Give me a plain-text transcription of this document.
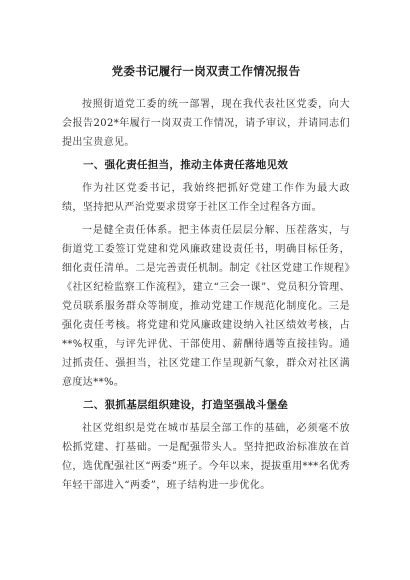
党委书记履行一岗双责工作情况报告

按照街道党工委的统一部署，现在我代表社区党委，向大会报告202*年履行一岗双责工作情况，请予审议，并请同志们提出宝贵意见。

一、强化责任担当，推动主体责任落地见效

作为社区党委书记，我始终把抓好党建工作作为最大政绩，坚持把从严治党要求贯穿于社区工作全过程各方面。

一是健全责任体系。把主体责任层层分解、压茬落实，与街道党工委签订党建和党风廉政建设责任书，明确目标任务，细化责任清单。二是完善责任机制。制定《社区党建工作规程》《社区纪检监察工作流程》，建立“三会一课”、党员积分管理、党员联系服务群众等制度，推动党建工作规范化制度化。三是强化责任考核。将党建和党风廉政建设纳入社区绩效考核，占**%权重，与评先评优、干部使用、薪酬待遇等直接挂钩。通过抓责任、强担当，社区党建工作呈现新气象，群众对社区满意度达**%。

二、狠抓基层组织建设，打造坚强战斗堡垒

社区党组织是党在城市基层全部工作的基础，必须毫不放松抓党建、打基础。一是配强带头人。坚持把政治标准放在首位，选优配强社区“两委”班子。今年以来，提拔重用***名优秀年轻干部进入“两委”，班子结构进一步优化。
